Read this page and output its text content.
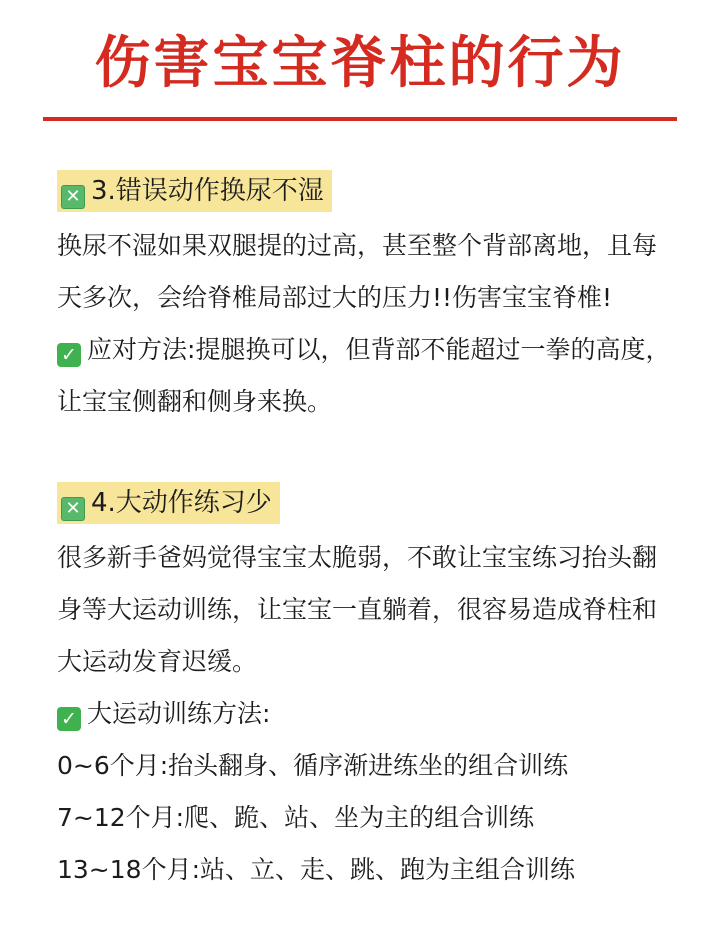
伤害宝宝脊柱的行为
✕ 3.错误动作换尿不湿

换尿不湿如果双腿提的过高，甚至整个背部离地，且每天多次，会给脊椎局部过大的压力!!伤害宝宝脊椎!

✓ 应对方法:提腿换可以，但背部不能超过一拳的高度，让宝宝侧翻和侧身来换。
✕ 4.大动作练习少

很多新手爸妈觉得宝宝太脆弱，不敢让宝宝练习抬头翻身等大运动训练，让宝宝一直躺着，很容易造成脊柱和大运动发育迟缓。

✓ 大运动训练方法:
0~6个月:抬头翻身、循序渐进练坐的组合训练
7~12个月:爬、跪、站、坐为主的组合训练
13~18个月:站、立、走、跳、跑为主组合训练
